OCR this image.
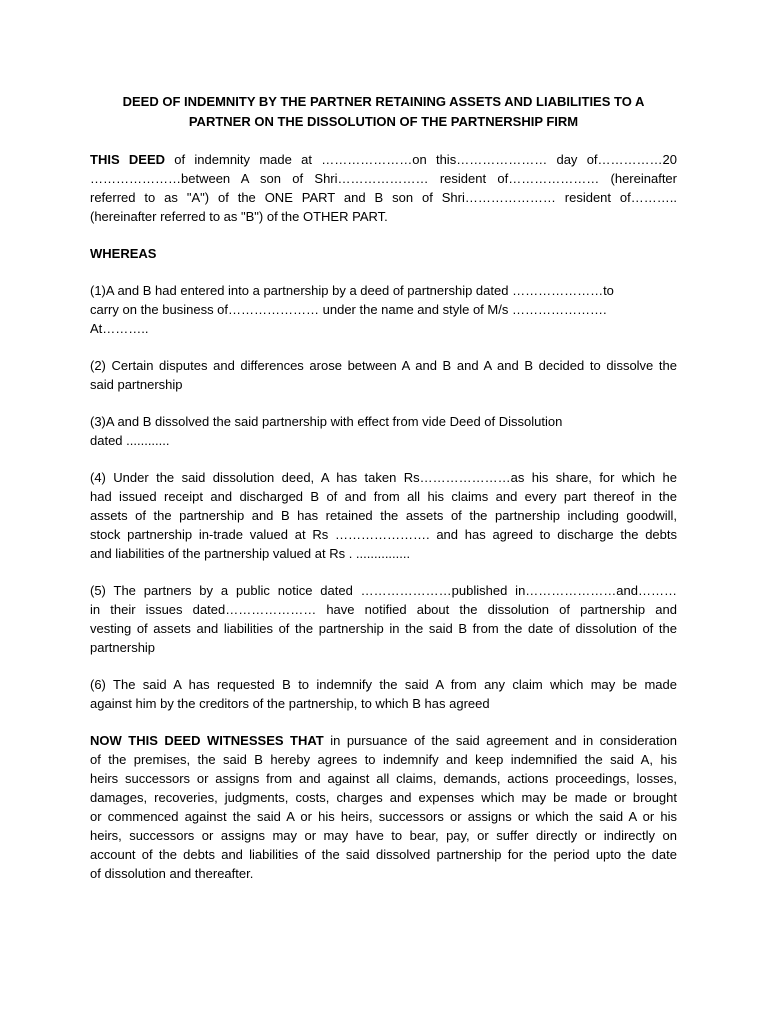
DEED OF INDEMNITY BY THE PARTNER RETAINING ASSETS AND LIABILITIES TO A
PARTNER ON THE DISSOLUTION OF THE PARTNERSHIP FIRM
THIS DEED of indemnity made at …………………on this………………… day of……………20
…………………between A son of Shri………………… resident of………………… (hereinafter
referred to as "A") of the ONE PART and B son of Shri………………… resident of………..
(hereinafter referred to as "B") of the OTHER PART.
WHEREAS
(1)A and B had entered into a partnership by a deed of partnership dated …………………to
carry on the business of………………… under the name and style of M/s ………………….
At………..
(2) Certain disputes and differences arose between A and B and A and B decided to dissolve the
said partnership
(3)A and B dissolved the said partnership with effect from vide Deed of Dissolution
dated ............
(4) Under the said dissolution deed, A has taken Rs…………………as his share, for which he
had issued receipt and discharged B of and from all his claims and every part thereof in the
assets of the partnership and B has retained the assets of the partnership including goodwill,
stock partnership in-trade valued at Rs …………………. and has agreed to discharge the debts
and liabilities of the partnership valued at Rs . ...............
(5) The partners by a public notice dated …………………published in…………………and………
in their issues dated………………… have notified about the dissolution of partnership and
vesting of assets and liabilities of the partnership in the said B from the date of dissolution of the
partnership
(6) The said A has requested B to indemnify the said A from any claim which may be made
against him by the creditors of the partnership, to which B has agreed
NOW THIS DEED WITNESSES THAT in pursuance of the said agreement and in consideration
of the premises, the said B hereby agrees to indemnify and keep indemnified the said A, his
heirs successors or assigns from and against all claims, demands, actions proceedings, losses,
damages, recoveries, judgments, costs, charges and expenses which may be made or brought
or commenced against the said A or his heirs, successors or assigns or which the said A or his
heirs, successors or assigns may or may have to bear, pay, or suffer directly or indirectly on
account of the debts and liabilities of the said dissolved partnership for the period upto the date
of dissolution and thereafter.
